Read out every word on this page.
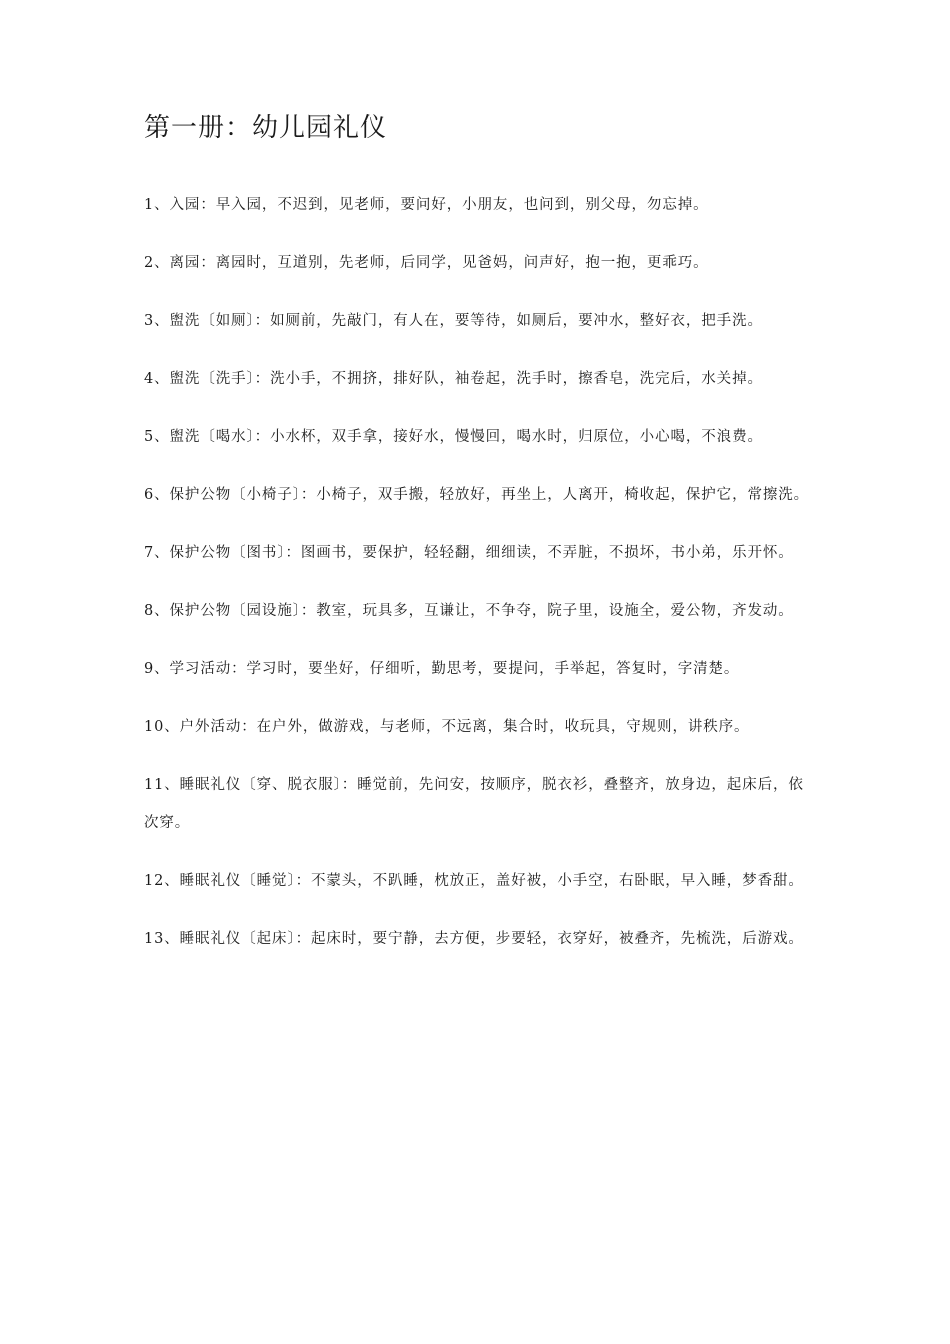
第一册：幼儿园礼仪
1、入园：早入园，不迟到，见老师，要问好，小朋友，也问到，别父母，勿忘掉。
2、离园：离园时，互道别，先老师，后同学，见爸妈，问声好，抱一抱，更乖巧。
3、盥洗〔如厕〕：如厕前，先敲门，有人在，要等待，如厕后，要冲水，整好衣，把手洗。
4、盥洗〔洗手〕：洗小手，不拥挤，排好队，袖卷起，洗手时，擦香皂，洗完后，水关掉。
5、盥洗〔喝水〕：小水杯，双手拿，接好水，慢慢回，喝水时，归原位，小心喝，不浪费。
6、保护公物〔小椅子〕：小椅子，双手搬，轻放好，再坐上，人离开，椅收起，保护它，常擦洗。
7、保护公物〔图书〕：图画书，要保护，轻轻翻，细细读，不弄脏，不损坏，书小弟，乐开怀。
8、保护公物〔园设施〕：教室，玩具多，互谦让，不争夺，院子里，设施全，爱公物，齐发动。
9、学习活动：学习时，要坐好，仔细听，勤思考，要提问，手举起，答复时，字清楚。
10、户外活动：在户外，做游戏，与老师，不远离，集合时，收玩具，守规则，讲秩序。
11、睡眠礼仪〔穿、脱衣服〕：睡觉前，先问安，按顺序，脱衣衫，叠整齐，放身边，起床后，依次穿。
12、睡眠礼仪〔睡觉〕：不蒙头，不趴睡，枕放正，盖好被，小手空，右卧眠，早入睡，梦香甜。
13、睡眠礼仪〔起床〕：起床时，要宁静，去方便，步要轻，衣穿好，被叠齐，先梳洗，后游戏。
